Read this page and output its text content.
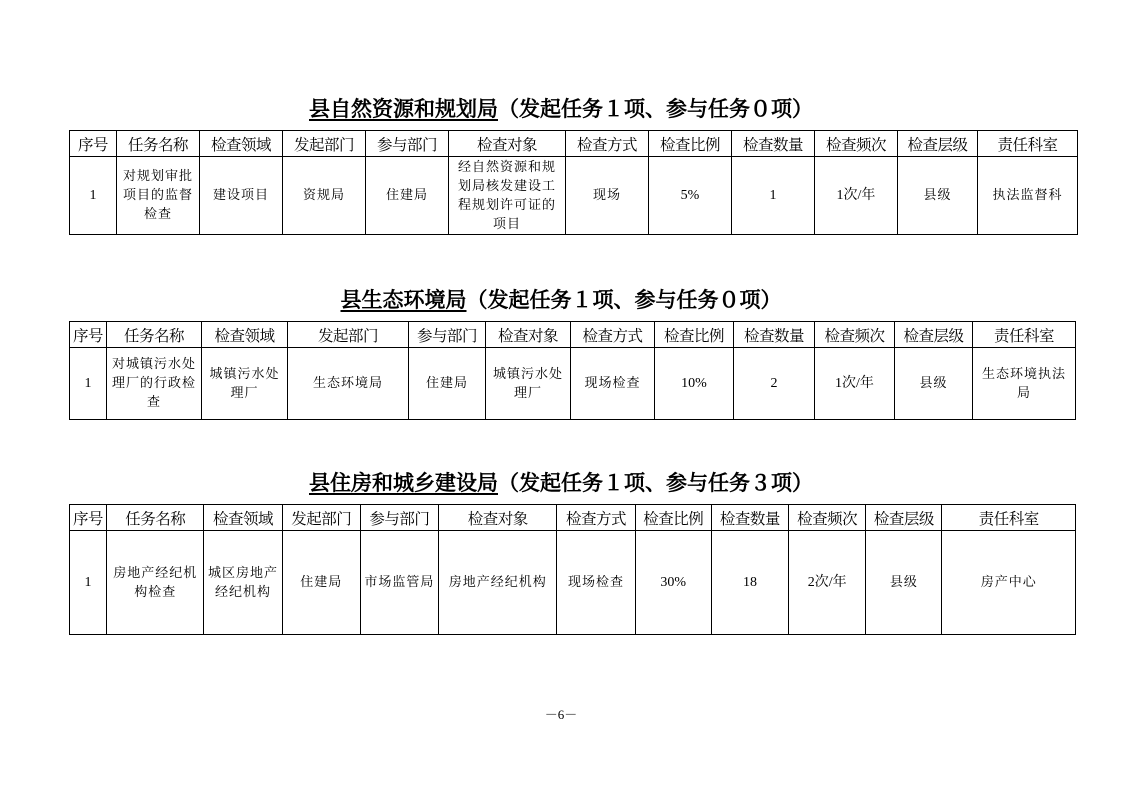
县自然资源和规划局（发起任务１项、参与任务０项）
序号	任务名称	检查领域	发起部门	参与部门	检查对象	检查方式	检查比例	检查数量	检查频次	检查层级	责任科室
1	对规划审批项目的监督检查	建设项目	资规局	住建局	经自然资源和规划局核发建设工程规划许可证的项目	现场	5%	1	1次/年	县级	执法监督科
县生态环境局（发起任务１项、参与任务０项）
序号	任务名称	检查领域	发起部门	参与部门	检查对象	检查方式	检查比例	检查数量	检查频次	检查层级	责任科室
1	对城镇污水处理厂的行政检查	城镇污水处理厂	生态环境局	住建局	城镇污水处理厂	现场检查	10%	2	1次/年	县级	生态环境执法局
县住房和城乡建设局（发起任务１项、参与任务３项）
序号	任务名称	检查领域	发起部门	参与部门	检查对象	检查方式	检查比例	检查数量	检查频次	检查层级	责任科室
1	房地产经纪机构检查	城区房地产经纪机构	住建局	市场监管局	房地产经纪机构	现场检查	30%	18	2次/年	县级	房产中心
－6－
